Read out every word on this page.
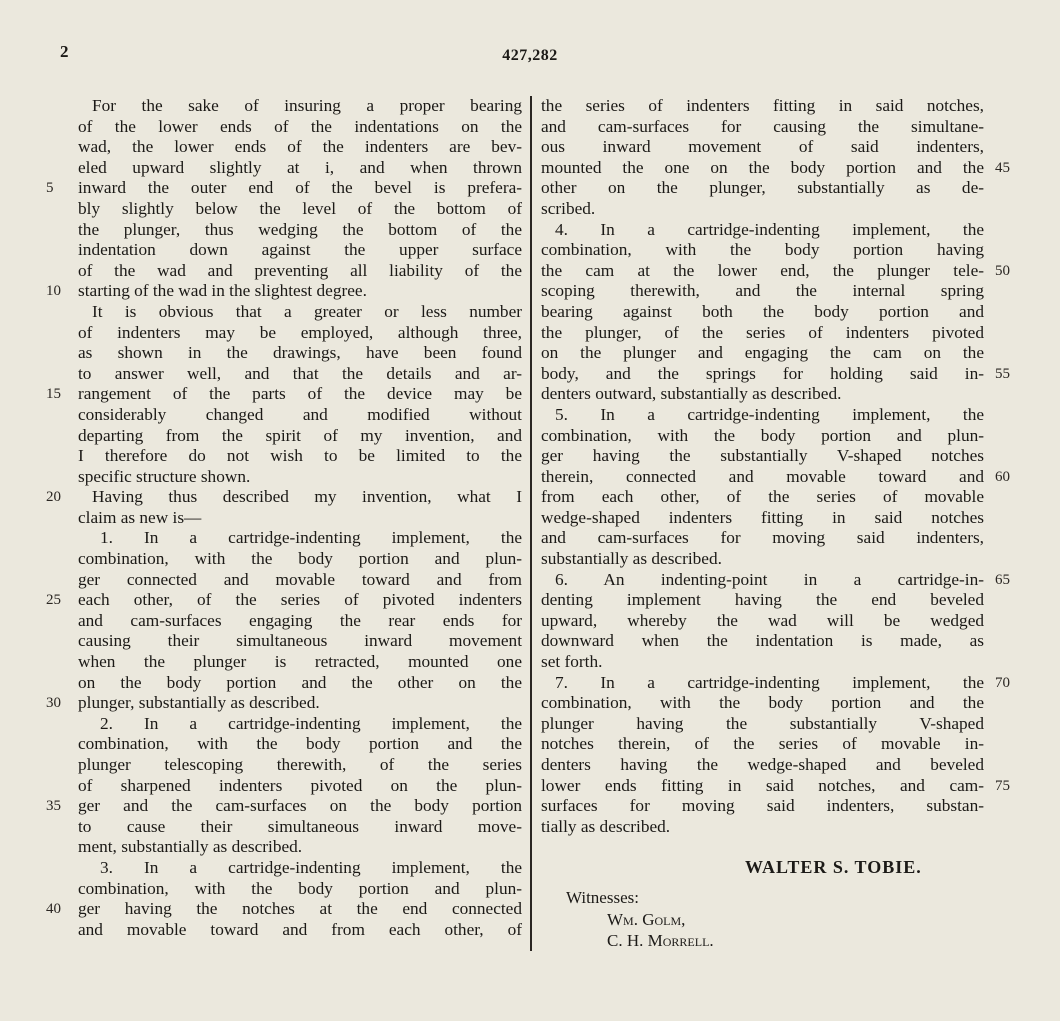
2	427,282
For the sake of insuring a proper bearing
of the lower ends of the indentations on the
wad, the lower ends of the indenters are bev-
eled upward slightly at i, and when thrown
inward the outer end of the bevel is prefera-
bly slightly below the level of the bottom of
the plunger, thus wedging the bottom of the
indentation down against the upper surface
of the wad and preventing all liability of the
starting of the wad in the slightest degree.
It is obvious that a greater or less number
of indenters may be employed, although three,
as shown in the drawings, have been found
to answer well, and that the details and ar-
rangement of the parts of the device may be
considerably changed and modified without
departing from the spirit of my invention, and
I therefore do not wish to be limited to the
specific structure shown.
Having thus described my invention, what I
claim as new is—
1. In a cartridge-indenting implement, the
combination, with the body portion and plun-
ger connected and movable toward and from
each other, of the series of pivoted indenters
and cam-surfaces engaging the rear ends for
causing their simultaneous inward movement
when the plunger is retracted, mounted one
on the body portion and the other on the
plunger, substantially as described.
2. In a cartridge-indenting implement, the
combination, with the body portion and the
plunger telescoping therewith, of the series
of sharpened indenters pivoted on the plun-
ger and the cam-surfaces on the body portion
to cause their simultaneous inward move-
ment, substantially as described.
3. In a cartridge-indenting implement, the
combination, with the body portion and plun-
ger having the notches at the end connected
and movable toward and from each other, of
the series of indenters fitting in said notches,
and cam-surfaces for causing the simultane-
ous inward movement of said indenters,
mounted the one on the body portion and the
other on the plunger, substantially as de-
scribed.
4. In a cartridge-indenting implement, the
combination, with the body portion having
the cam at the lower end, the plunger tele-
scoping therewith, and the internal spring
bearing against both the body portion and
the plunger, of the series of indenters pivoted
on the plunger and engaging the cam on the
body, and the springs for holding said in-
denters outward, substantially as described.
5. In a cartridge-indenting implement, the
combination, with the body portion and plun-
ger having the substantially V-shaped notches
therein, connected and movable toward and
from each other, of the series of movable
wedge-shaped indenters fitting in said notches
and cam-surfaces for moving said indenters,
substantially as described.
6. An indenting-point in a cartridge-in-
denting implement having the end beveled
upward, whereby the wad will be wedged
downward when the indentation is made, as
set forth.
7. In a cartridge-indenting implement, the
combination, with the body portion and the
plunger having the substantially V-shaped
notches therein, of the series of movable in-
denters having the wedge-shaped and beveled
lower ends fitting in said notches, and cam-
surfaces for moving said indenters, substan-
tially as described.
5
10
15
20
25
30
35
40
45
50
55
60
65
70
75
WALTER S. TOBIE.
Witnesses:
Wm. Golm,
C. H. Morrell.
